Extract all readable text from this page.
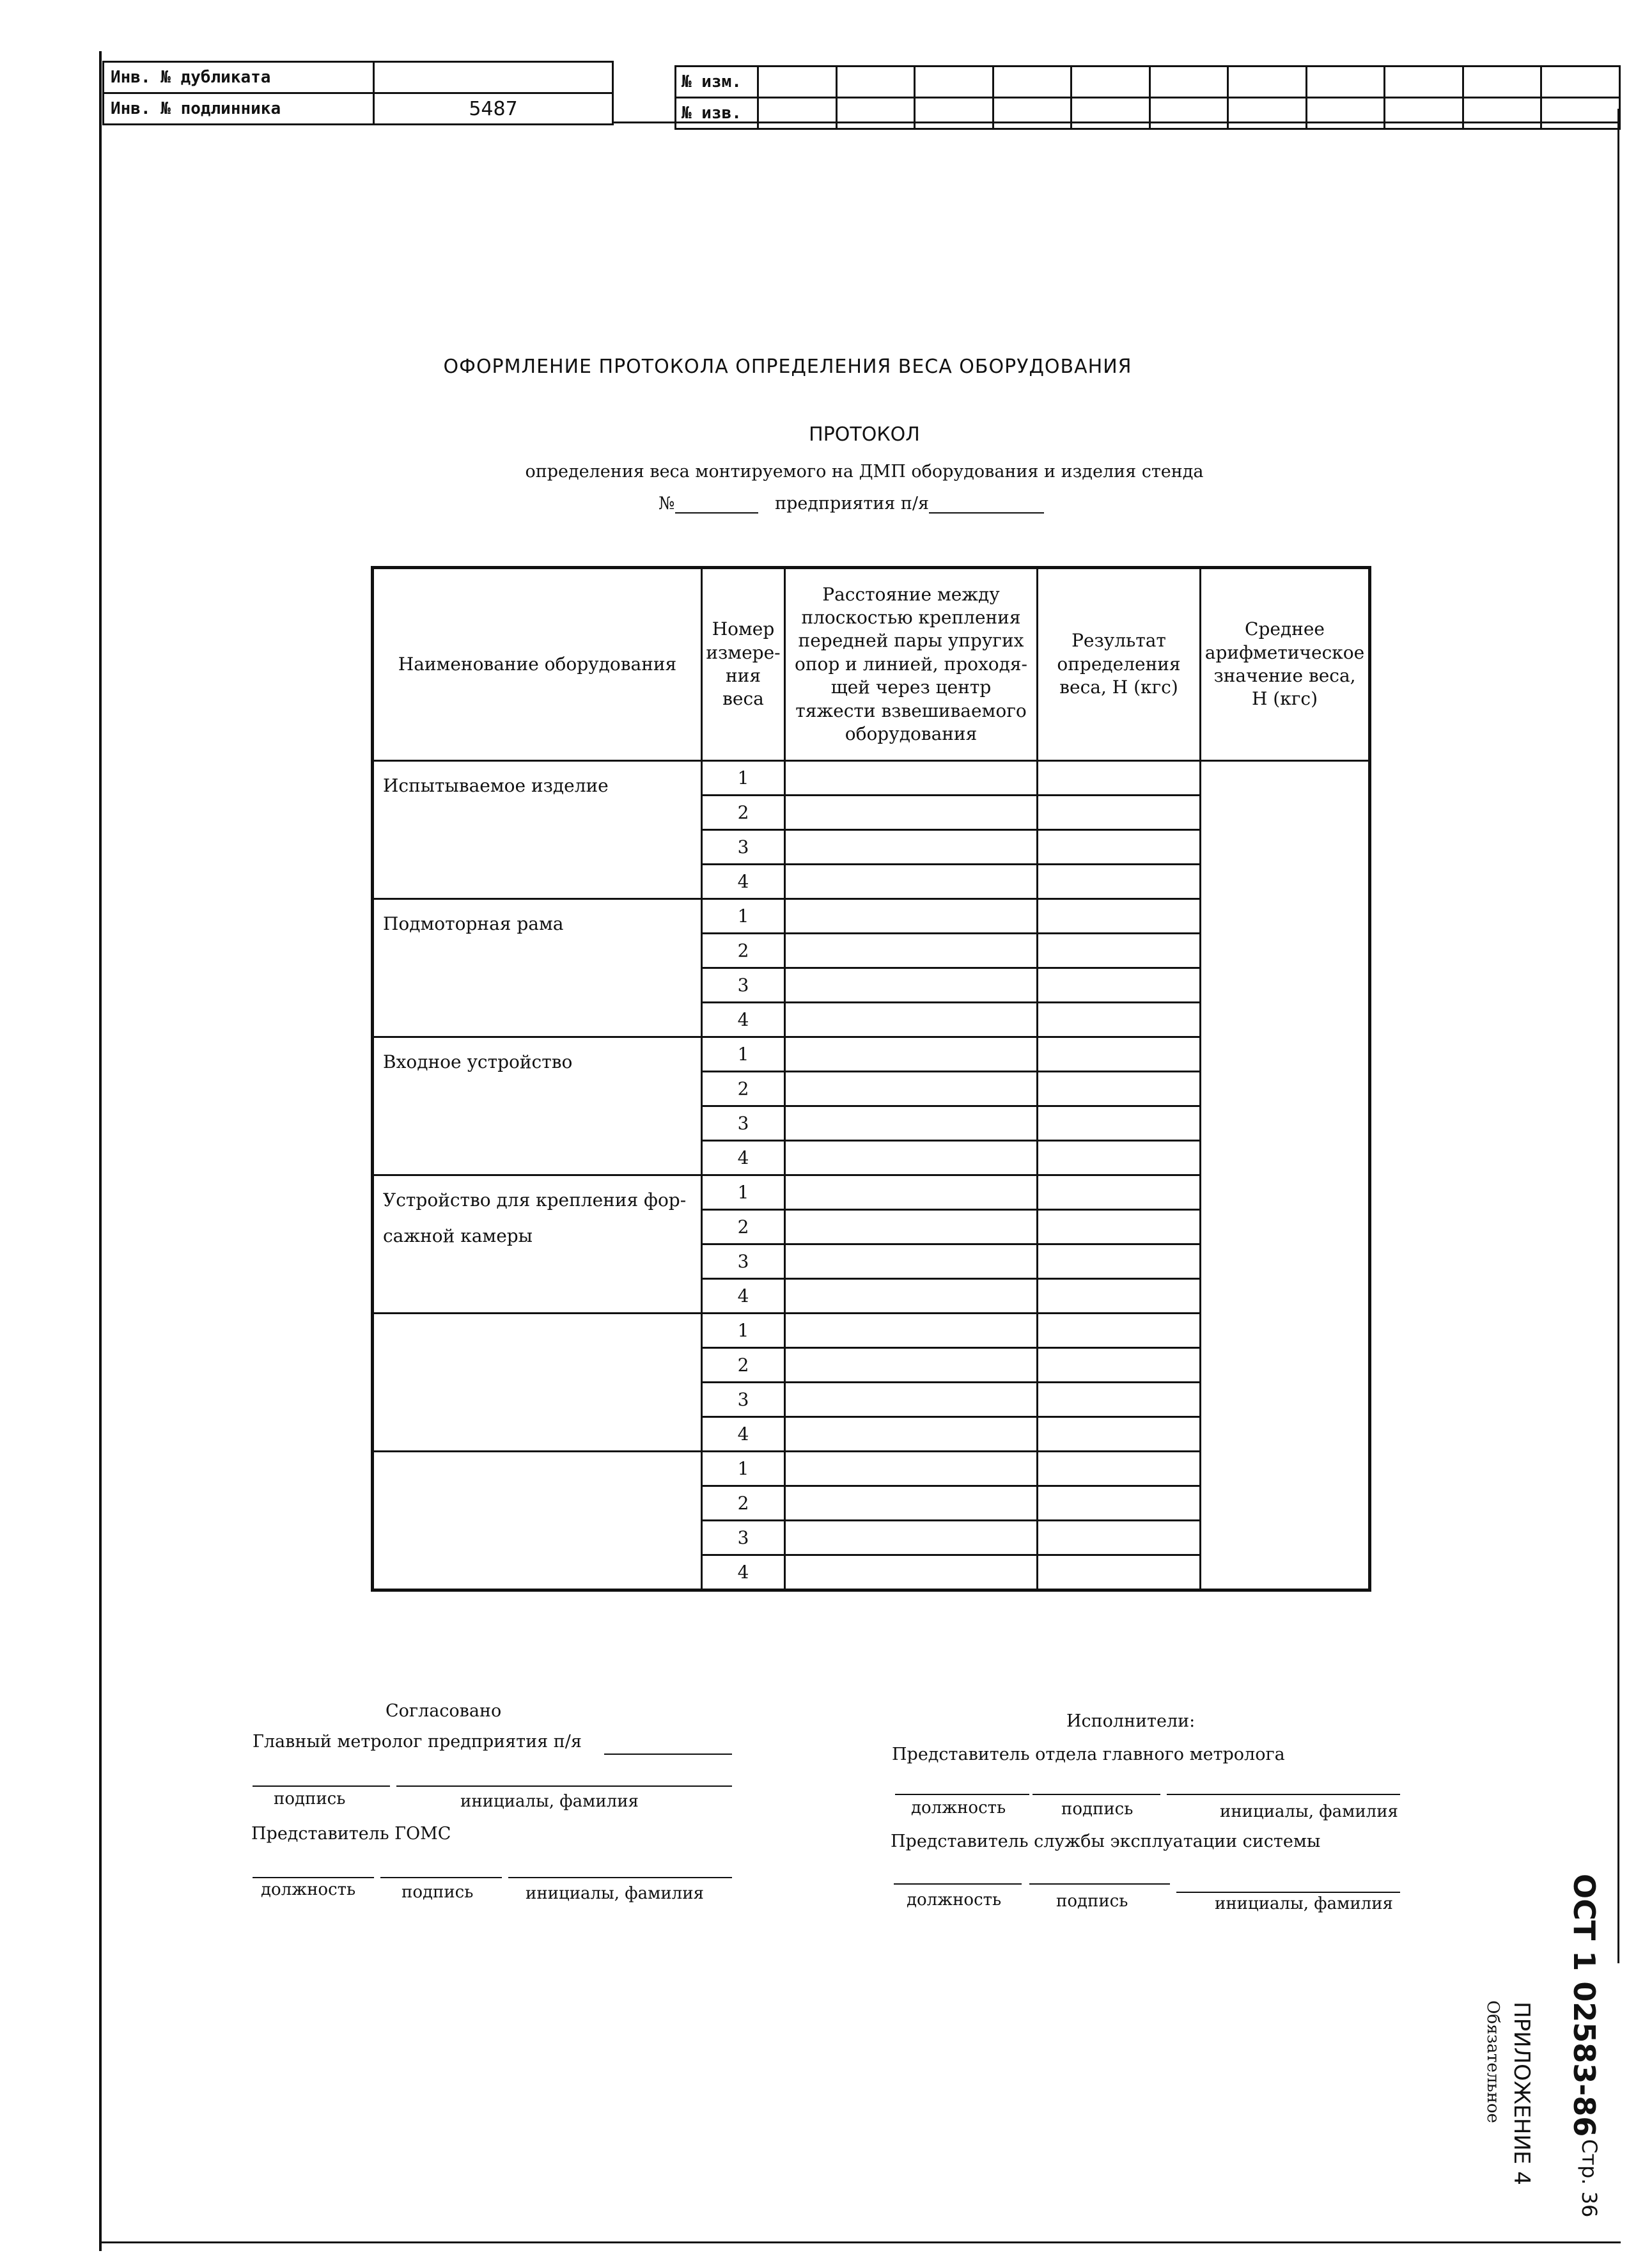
Инв. № дубликата	
Инв. № подлинника	5487
№ изм.											
№ изв.											
ОФОРМЛЕНИЕ ПРОТОКОЛА ОПРЕДЕЛЕНИЯ ВЕСА ОБОРУДОВАНИЯ
ПРОТОКОЛ
определения веса монтируемого на ДМП оборудования и изделия стенда
№	предприятия п/я
Наименование оборудования	Номер измере- ния веса	Расстояние между плоскостью крепления передней пары упругих опор и линией, проходя- щей через центр тяжести взвешиваемого оборудования	Результат определения веса, Н (кгс)	Среднее арифметическое значение веса, Н (кгс)
Испытываемое изделие	1			
	2			
	3			
	4			
Подмоторная рама	1			
	2			
	3			
	4			
Входное устройство	1			
	2			
	3			
	4			
Устройство для крепления фор- сажной камеры	1			
	2			
	3			
	4			
	1			
	2			
	3			
	4			
	1			
	2			
	3			
	4			
Согласовано
Главный метролог предприятия п/я
подпись	инициалы, фамилия
Представитель ГОМС
должность	подпись	инициалы, фамилия
Исполнители:
Представитель отдела главного метролога
должность	подпись	инициалы, фамилия
Представитель службы эксплуатации системы
должность	подпись	инициалы, фамилия	ОСТ 1 02583-86
Стр. 36
ПРИЛОЖЕНИЕ 4
Обязательное
